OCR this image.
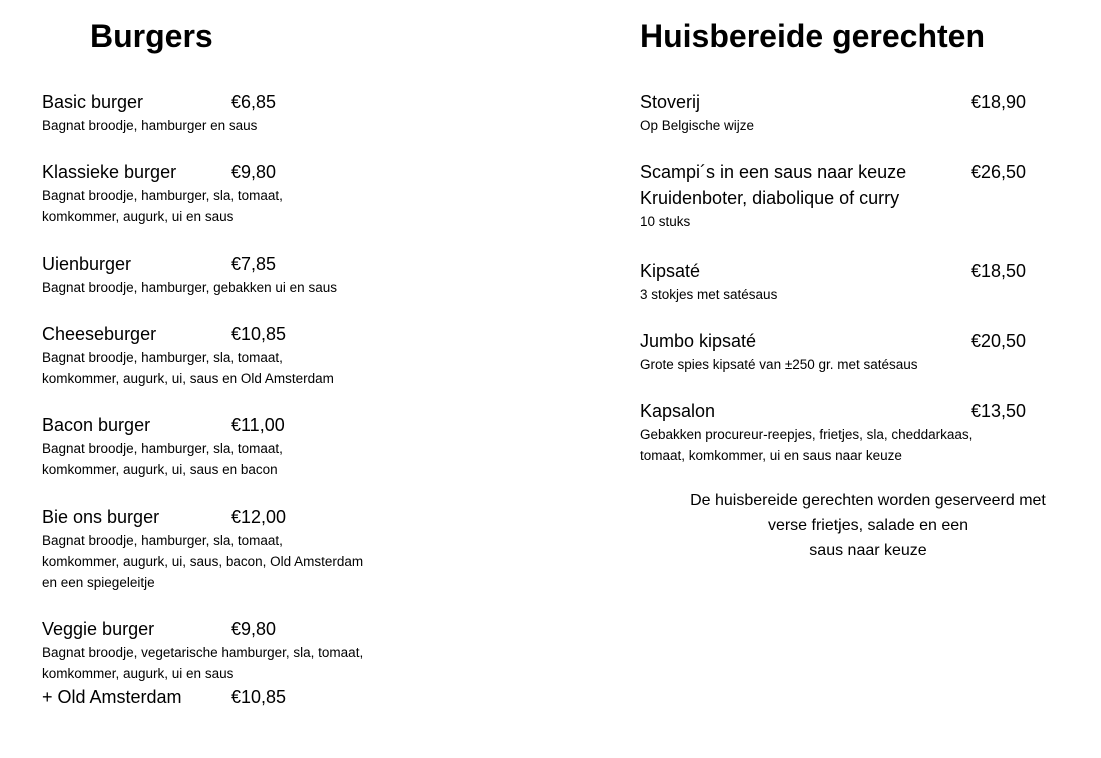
Burgers
Basic burger	€6,85
Bagnat broodje, hamburger en saus
Klassieke burger	€9,80
Bagnat broodje, hamburger, sla, tomaat,
komkommer, augurk, ui en saus
Uienburger	€7,85
Bagnat broodje, hamburger, gebakken ui en saus
Cheeseburger	€10,85
Bagnat broodje, hamburger, sla, tomaat,
komkommer, augurk, ui, saus en Old Amsterdam
Bacon burger	€11,00
Bagnat broodje, hamburger, sla, tomaat,
komkommer, augurk, ui, saus en bacon
Bie ons burger	€12,00
Bagnat broodje, hamburger, sla, tomaat,
komkommer, augurk, ui, saus, bacon, Old Amsterdam
en een spiegeleitje
Veggie burger	€9,80
Bagnat broodje, vegetarische hamburger, sla, tomaat,
komkommer, augurk, ui en saus
+ Old Amsterdam	€10,85
Huisbereide gerechten
Stoverij	€18,90
Op Belgische wijze
Scampi´s in een saus naar keuze	€26,50
Kruidenboter, diabolique of curry
10 stuks
Kipsaté	€18,50
3 stokjes met satésaus
Jumbo kipsaté	€20,50
Grote spies kipsaté van ±250 gr. met satésaus
Kapsalon	€13,50
Gebakken procureur-reepjes, frietjes, sla, cheddarkaas,
tomaat, komkommer, ui en saus naar keuze
De huisbereide gerechten worden geserveerd met
verse frietjes, salade en een
saus naar keuze
